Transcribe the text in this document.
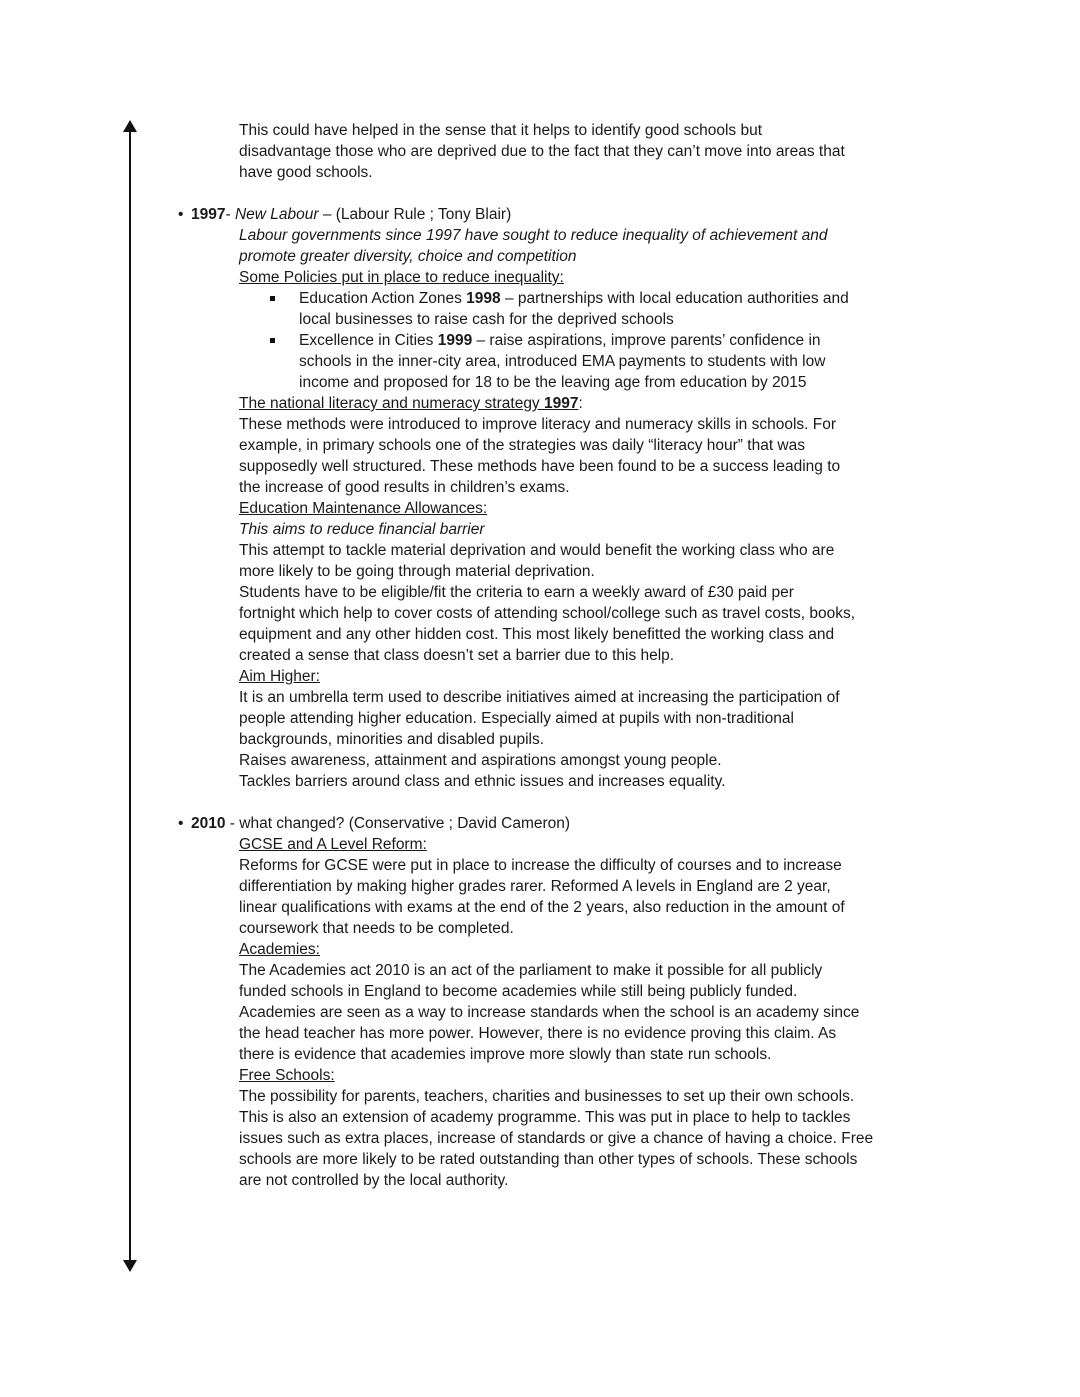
This could have helped in the sense that it helps to identify good schools but
disadvantage those who are deprived due to the fact that they can’t move into areas that
have good schools.
• 1997- New Labour – (Labour Rule ; Tony Blair)
Labour governments since 1997 have sought to reduce inequality of achievement and
promote greater diversity, choice and competition
Some Policies put in place to reduce inequality:
Education Action Zones 1998 – partnerships with local education authorities and
local businesses to raise cash for the deprived schools
Excellence in Cities 1999 – raise aspirations, improve parents’ confidence in
schools in the inner-city area, introduced EMA payments to students with low
income and proposed for 18 to be the leaving age from education by 2015
The national literacy and numeracy strategy 1997:
These methods were introduced to improve literacy and numeracy skills in schools. For
example, in primary schools one of the strategies was daily “literacy hour” that was
supposedly well structured. These methods have been found to be a success leading to
the increase of good results in children’s exams.
Education Maintenance Allowances:
This aims to reduce financial barrier
This attempt to tackle material deprivation and would benefit the working class who are
more likely to be going through material deprivation.
Students have to be eligible/fit the criteria to earn a weekly award of £30 paid per
fortnight which help to cover costs of attending school/college such as travel costs, books,
equipment and any other hidden cost. This most likely benefitted the working class and
created a sense that class doesn’t set a barrier due to this help.
Aim Higher:
It is an umbrella term used to describe initiatives aimed at increasing the participation of
people attending higher education. Especially aimed at pupils with non-traditional
backgrounds, minorities and disabled pupils.
Raises awareness, attainment and aspirations amongst young people.
Tackles barriers around class and ethnic issues and increases equality.
• 2010 - what changed? (Conservative ; David Cameron)
GCSE and A Level Reform:
Reforms for GCSE were put in place to increase the difficulty of courses and to increase
differentiation by making higher grades rarer. Reformed A levels in England are 2 year,
linear qualifications with exams at the end of the 2 years, also reduction in the amount of
coursework that needs to be completed.
Academies:
The Academies act 2010 is an act of the parliament to make it possible for all publicly
funded schools in England to become academies while still being publicly funded.
Academies are seen as a way to increase standards when the school is an academy since
the head teacher has more power. However, there is no evidence proving this claim. As
there is evidence that academies improve more slowly than state run schools.
Free Schools:
The possibility for parents, teachers, charities and businesses to set up their own schools.
This is also an extension of academy programme. This was put in place to help to tackles
issues such as extra places, increase of standards or give a chance of having a choice. Free
schools are more likely to be rated outstanding than other types of schools. These schools
are not controlled by the local authority.
